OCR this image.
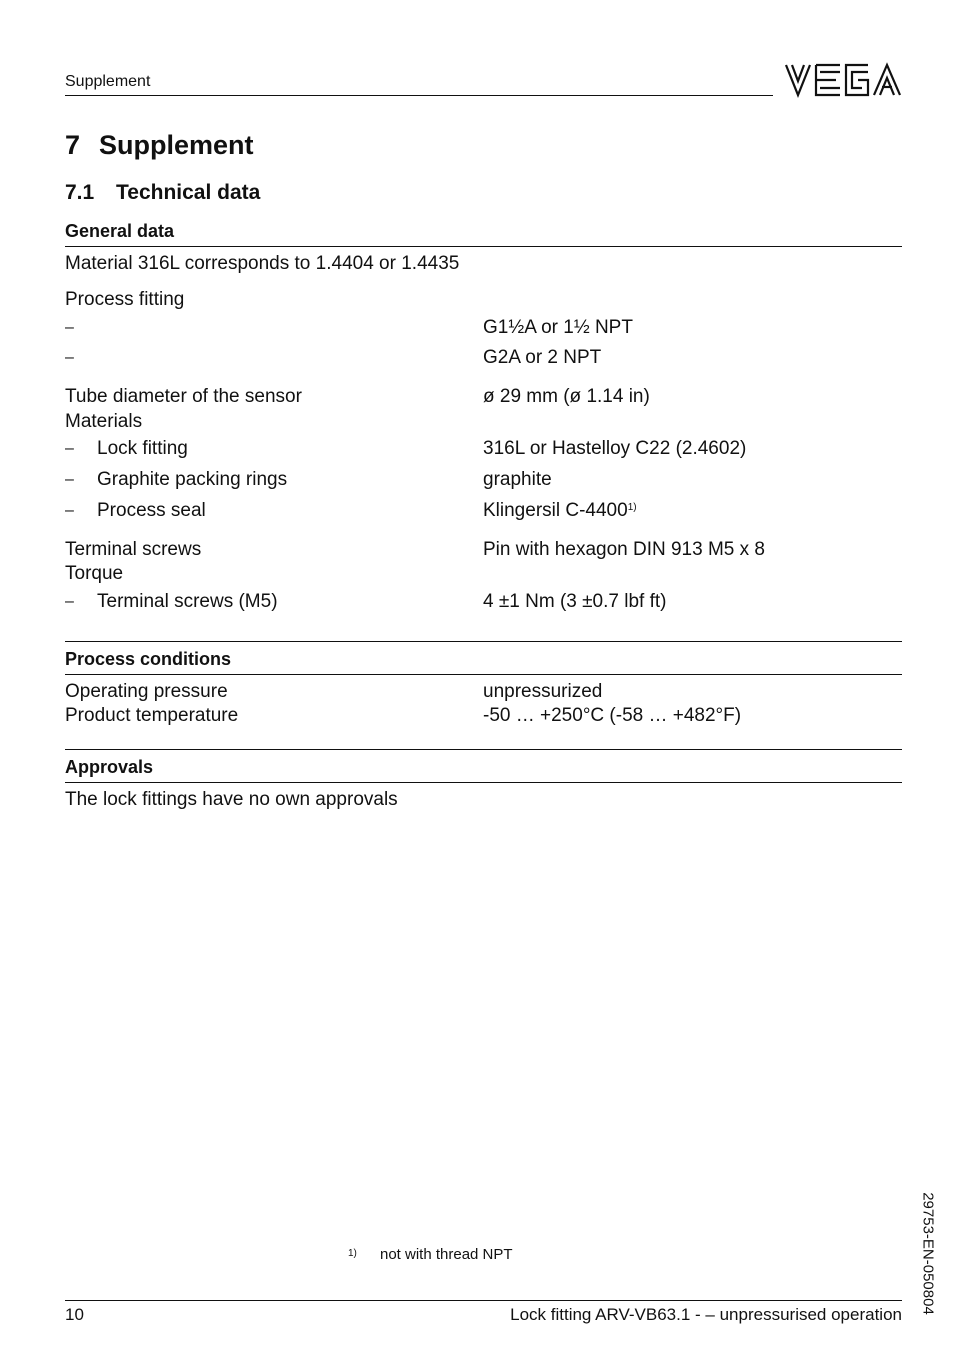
Supplement
7 Supplement
7.1 Technical data
General data
Material 316L corresponds to 1.4404 or 1.4435
Process fitting
–	G1½A or 1½ NPT
–	G2A or 2 NPT
Tube diameter of the sensor	ø 29 mm (ø 1.14 in)
Materials
– Lock fitting	316L or Hastelloy C22 (2.4602)
– Graphite packing rings	graphite
– Process seal	Klingersil C-4400$^{1)}$
Terminal screws	Pin with hexagon DIN 913 M5 x 8
Torque
– Terminal screws (M5)	4 ±1 Nm (3 ±0.7 lbf ft)
Process conditions
Operating pressure	unpressurized
Product temperature	-50 … +250°C (-58 … +482°F)
Approvals
The lock fittings have no own approvals
1) not with thread NPT	29753-EN-050804
10	Lock fitting ARV-VB63.1 - – unpressurised operation
